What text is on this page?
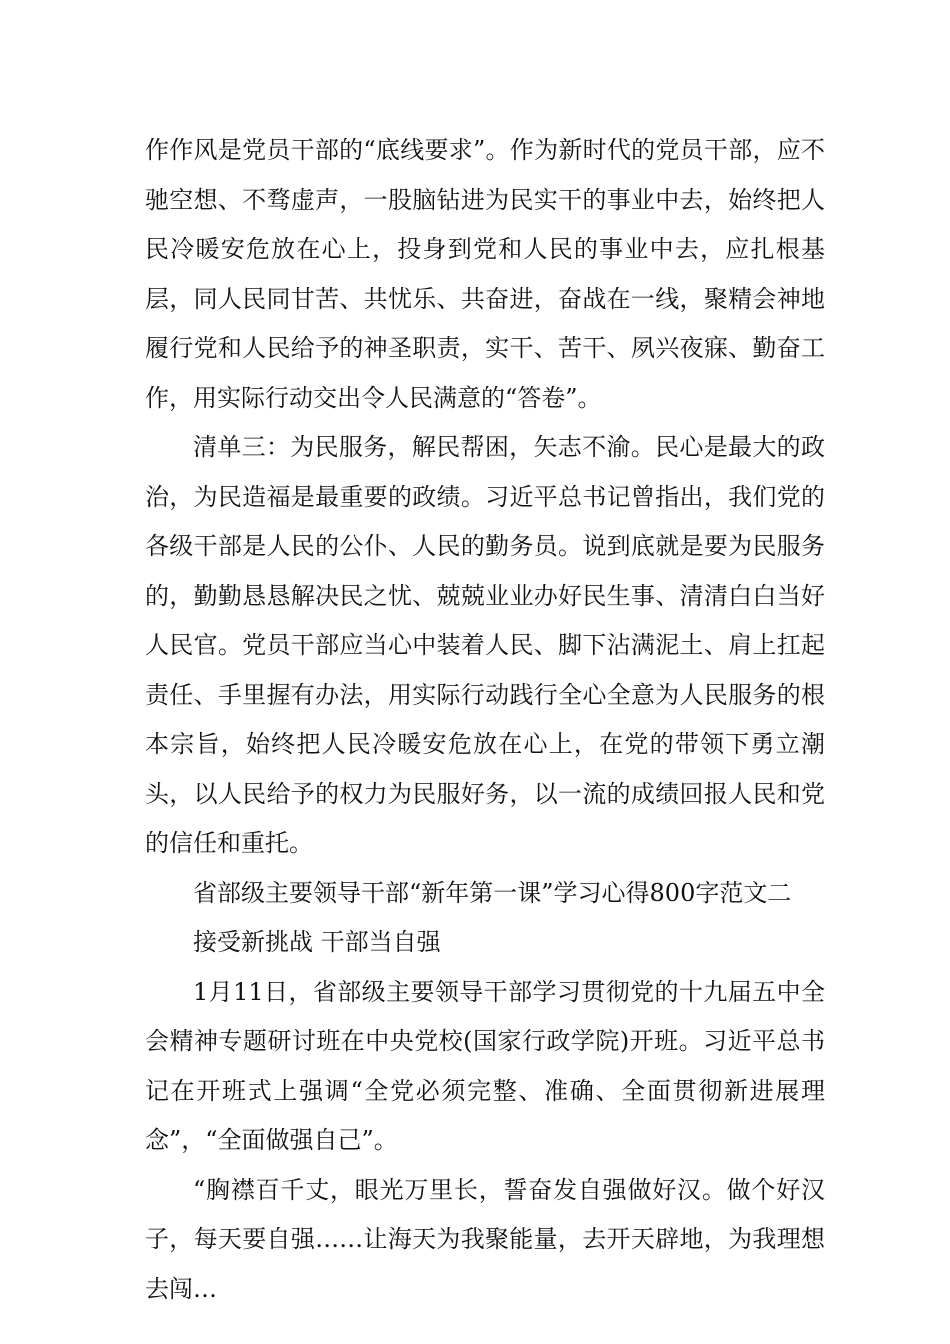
作作风是党员干部的“底线要求”。作为新时代的党员干部，应不驰空想、不骛虚声，一股脑钻进为民实干的事业中去，始终把人民冷暖安危放在心上，投身到党和人民的事业中去，应扎根基层，同人民同甘苦、共忧乐、共奋进，奋战在一线，聚精会神地履行党和人民给予的神圣职责，实干、苦干、夙兴夜寐、勤奋工作，用实际行动交出令人民满意的“答卷”。

清单三：为民服务，解民帮困，矢志不渝。民心是最大的政治，为民造福是最重要的政绩。习近平总书记曾指出，我们党的各级干部是人民的公仆、人民的勤务员。说到底就是要为民服务的，勤勤恳恳解决民之忧、兢兢业业办好民生事、清清白白当好人民官。党员干部应当心中装着人民、脚下沾满泥土、肩上扛起责任、手里握有办法，用实际行动践行全心全意为人民服务的根本宗旨，始终把人民冷暖安危放在心上，在党的带领下勇立潮头，以人民给予的权力为民服好务，以一流的成绩回报人民和党的信任和重托。

省部级主要领导干部“新年第一课”学习心得800字范文二

接受新挑战 干部当自强

1月11日，省部级主要领导干部学习贯彻党的十九届五中全会精神专题研讨班在中央党校(国家行政学院)开班。习近平总书记在开班式上强调“全党必须完整、准确、全面贯彻新进展理念”，“全面做强自己”。

“胸襟百千丈，眼光万里长，誓奋发自强做好汉。做个好汉子，每天要自强……让海天为我聚能量，去开天辟地，为我理想去闯…
